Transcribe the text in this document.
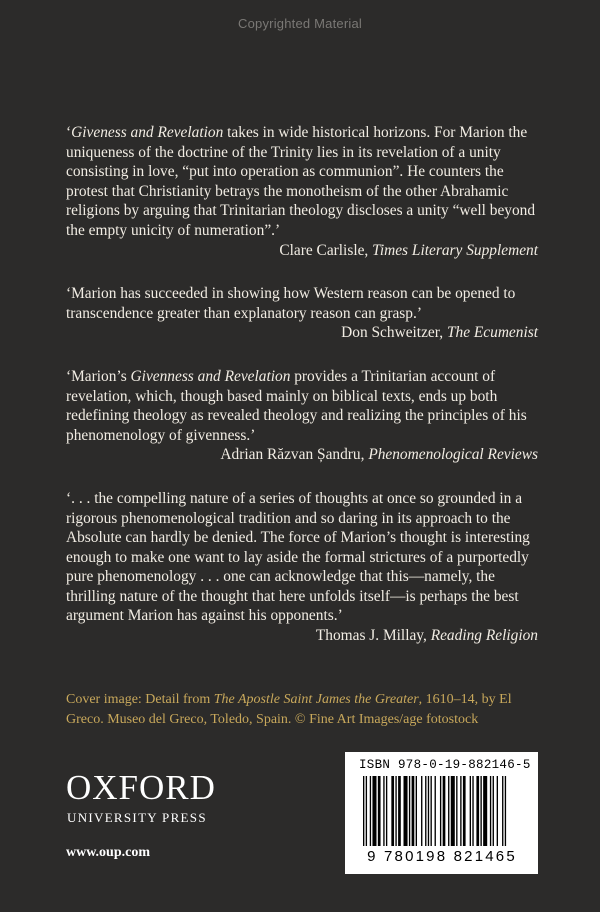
Copyrighted Material

‘Giveness and Revelation takes in wide historical horizons. For Marion the uniqueness of the doctrine of the Trinity lies in its revelation of a unity consisting in love, “put into operation as communion”. He counters the protest that Christianity betrays the monotheism of the other Abrahamic religions by arguing that Trinitarian theology discloses a unity “well beyond the empty unicity of numeration”.’

Clare Carlisle, Times Literary Supplement

‘Marion has succeeded in showing how Western reason can be opened to transcendence greater than explanatory reason can grasp.’

Don Schweitzer, The Ecumenist

‘Marion’s Givenness and Revelation provides a Trinitarian account of revelation, which, though based mainly on biblical texts, ends up both redefining theology as revealed theology and realizing the principles of his phenomenology of givenness.’

Adrian Răzvan Șandru, Phenomenological Reviews

‘. . . the compelling nature of a series of thoughts at once so grounded in a rigorous phenomenological tradition and so daring in its approach to the Absolute can hardly be denied. The force of Marion’s thought is interesting enough to make one want to lay aside the formal strictures of a purportedly pure phenomenology . . . one can acknowledge that this—namely, the thrilling nature of the thought that here unfolds itself—is perhaps the best argument Marion has against his opponents.’

Thomas J. Millay, Reading Religion
Cover image: Detail from The Apostle Saint James the Greater, 1610–14, by El Greco. Museo del Greco, Toledo, Spain. © Fine Art Images/age fotostock
OXFORD
UNIVERSITY PRESS
www.oup.com
ISBN 978-0-19-882146-5
9 780198 821465
